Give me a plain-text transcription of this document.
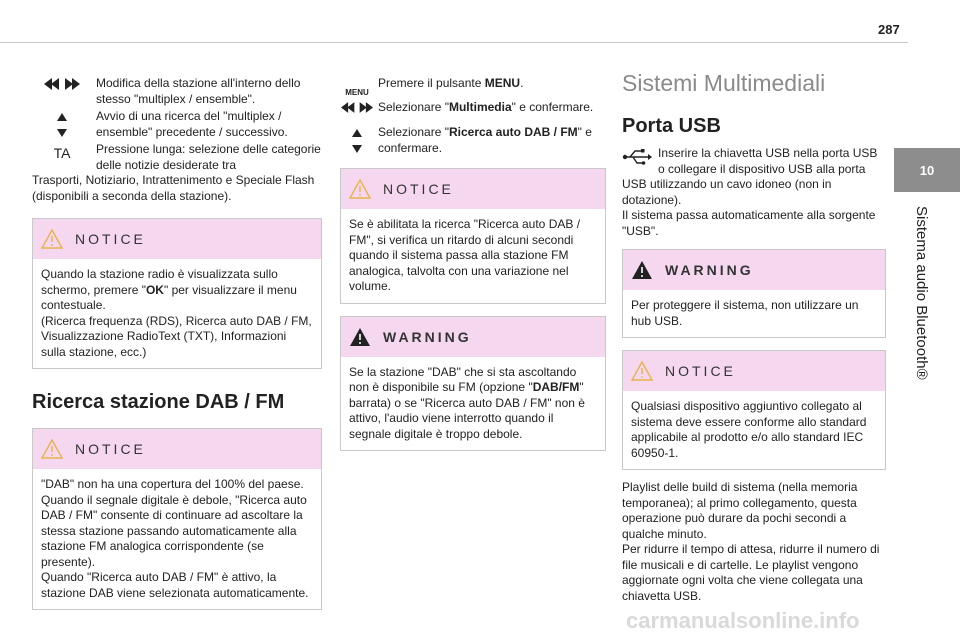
287
10
Sistema audio Bluetooth®
Modifica della stazione all'interno dello stesso "multiplex / ensemble".
Avvio di una ricerca del "multiplex / ensemble" precedente / successivo.
TA	Pressione lunga: selezione delle categorie delle notizie desiderate tra
Trasporti, Notiziario, Intrattenimento e Speciale Flash (disponibili a seconda della stazione).
NOTICE
Quando la stazione radio è visualizzata sullo schermo, premere "OK" per visualizzare il menu contestuale.
(Ricerca frequenza (RDS), Ricerca auto DAB / FM, Visualizzazione RadioText (TXT), Informazioni sulla stazione, ecc.)
Ricerca stazione DAB / FM
NOTICE
"DAB" non ha una copertura del 100% del paese.
Quando il segnale digitale è debole, "Ricerca auto DAB / FM" consente di continuare ad ascoltare la stessa stazione passando automaticamente alla stazione FM analogica corrispondente (se presente).
Quando "Ricerca auto DAB / FM" è attivo, la stazione DAB viene selezionata automaticamente.
MENU
Premere il pulsante MENU.
Selezionare "Multimedia" e confermare.
Selezionare "Ricerca auto DAB / FM" e confermare.
NOTICE
Se è abilitata la ricerca "Ricerca auto DAB / FM", si verifica un ritardo di alcuni secondi quando il sistema passa alla stazione FM analogica, talvolta con una variazione nel volume.
WARNING
Se la stazione "DAB" che si sta ascoltando non è disponibile su FM (opzione "DAB/FM" barrata) o se "Ricerca auto DAB / FM" non è attivo, l'audio viene interrotto quando il segnale digitale è troppo debole.
Sistemi Multimediali
Porta USB
Inserire la chiavetta USB nella porta USB o collegare il dispositivo USB alla porta
USB utilizzando un cavo idoneo (non in dotazione).
Il sistema passa automaticamente alla sorgente "USB".
WARNING
Per proteggere il sistema, non utilizzare un hub USB.
NOTICE
Qualsiasi dispositivo aggiuntivo collegato al sistema deve essere conforme allo standard applicabile al prodotto e/o allo standard IEC 60950-1.

Playlist delle build di sistema (nella memoria temporanea); al primo collegamento, questa operazione può durare da pochi secondi a qualche minuto.
Per ridurre il tempo di attesa, ridurre il numero di file musicali e di cartelle. Le playlist vengono aggiornate ogni volta che viene collegata una chiavetta USB.

carmanualsonline.info
